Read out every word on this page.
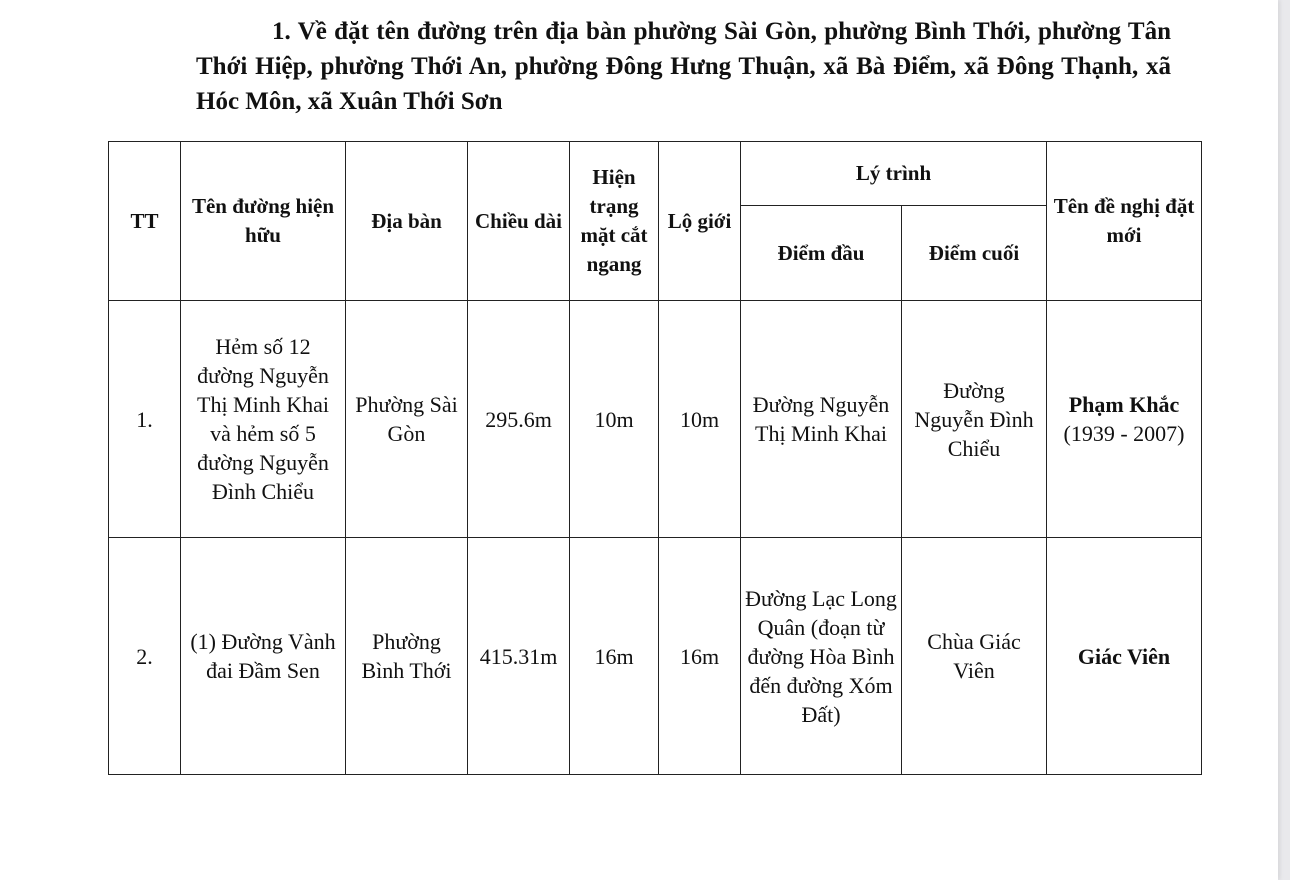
1. Về đặt tên đường trên địa bàn phường Sài Gòn, phường Bình Thới, phường Tân Thới Hiệp, phường Thới An, phường Đông Hưng Thuận, xã Bà Điểm, xã Đông Thạnh, xã Hóc Môn, xã Xuân Thới Sơn

TT	Tên đường hiện hữu	Địa bàn	Chiều dài	Hiện trạng mặt cắt ngang	Lộ giới	Lý trình		Tên đề nghị đặt mới
						Điểm đầu	Điểm cuối	
1.	Hẻm số 12 đường Nguyễn Thị Minh Khai và hẻm số 5 đường Nguyễn Đình Chiểu	Phường Sài Gòn	295.6m	10m	10m	Đường Nguyễn Thị Minh Khai	Đường Nguyễn Đình Chiểu	Phạm Khắc
(1939 - 2007)

2.	(1) Đường Vành đai Đầm Sen	Phường Bình Thới	415.31m	16m	16m	Đường Lạc Long Quân (đoạn từ đường Hòa Bình đến đường Xóm Đất)	Chùa Giác Viên	Giác Viên
